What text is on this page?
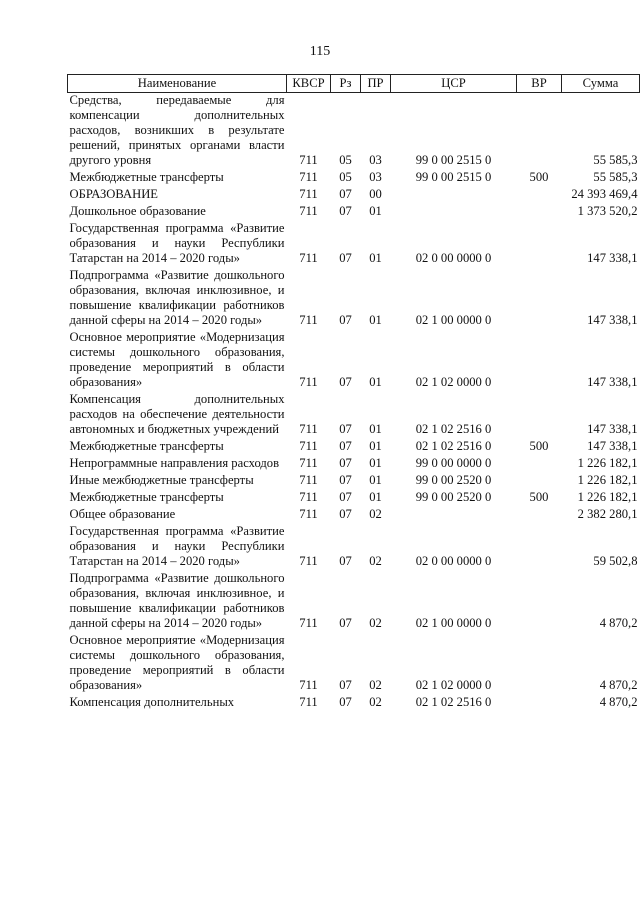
115
Наименование	КВСР	Рз	ПР	ЦСР	ВР	Сумма
Средства, передаваемые для компенсации дополнительных расходов, возникших в результате решений, принятых органами власти другого уровня	711	05	03	99 0 00 2515 0		55 585,3
Межбюджетные трансферты	711	05	03	99 0 00 2515 0	500	55 585,3
ОБРАЗОВАНИЕ	711	07	00			24 393 469,4
Дошкольное образование	711	07	01			1 373 520,2
Государственная программа «Развитие образования и науки Республики Татарстан на 2014 – 2020 годы»	711	07	01	02 0 00 0000 0		147 338,1
Подпрограмма «Развитие дошкольного образования, включая инклюзивное, и повышение квалификации работников данной сферы на 2014 – 2020 годы»	711	07	01	02 1 00 0000 0		147 338,1
Основное мероприятие «Модернизация системы дошкольного образования, проведение мероприятий в области образования»	711	07	01	02 1 02 0000 0		147 338,1
Компенсация дополнительных расходов на обеспечение деятельности автономных и бюджетных учреждений	711	07	01	02 1 02 2516 0		147 338,1
Межбюджетные трансферты	711	07	01	02 1 02 2516 0	500	147 338,1
Непрограммные направления расходов	711	07	01	99 0 00 0000 0		1 226 182,1
Иные межбюджетные трансферты	711	07	01	99 0 00 2520 0		1 226 182,1
Межбюджетные трансферты	711	07	01	99 0 00 2520 0	500	1 226 182,1
Общее образование	711	07	02			2 382 280,1
Государственная программа «Развитие образования и науки Республики Татарстан на 2014 – 2020 годы»	711	07	02	02 0 00 0000 0		59 502,8
Подпрограмма «Развитие дошкольного образования, включая инклюзивное, и повышение квалификации работников данной сферы на 2014 – 2020 годы»	711	07	02	02 1 00 0000 0		4 870,2
Основное мероприятие «Модернизация системы дошкольного образования, проведение мероприятий в области образования»	711	07	02	02 1 02 0000 0		4 870,2
Компенсация дополнительных	711	07	02	02 1 02 2516 0		4 870,2
